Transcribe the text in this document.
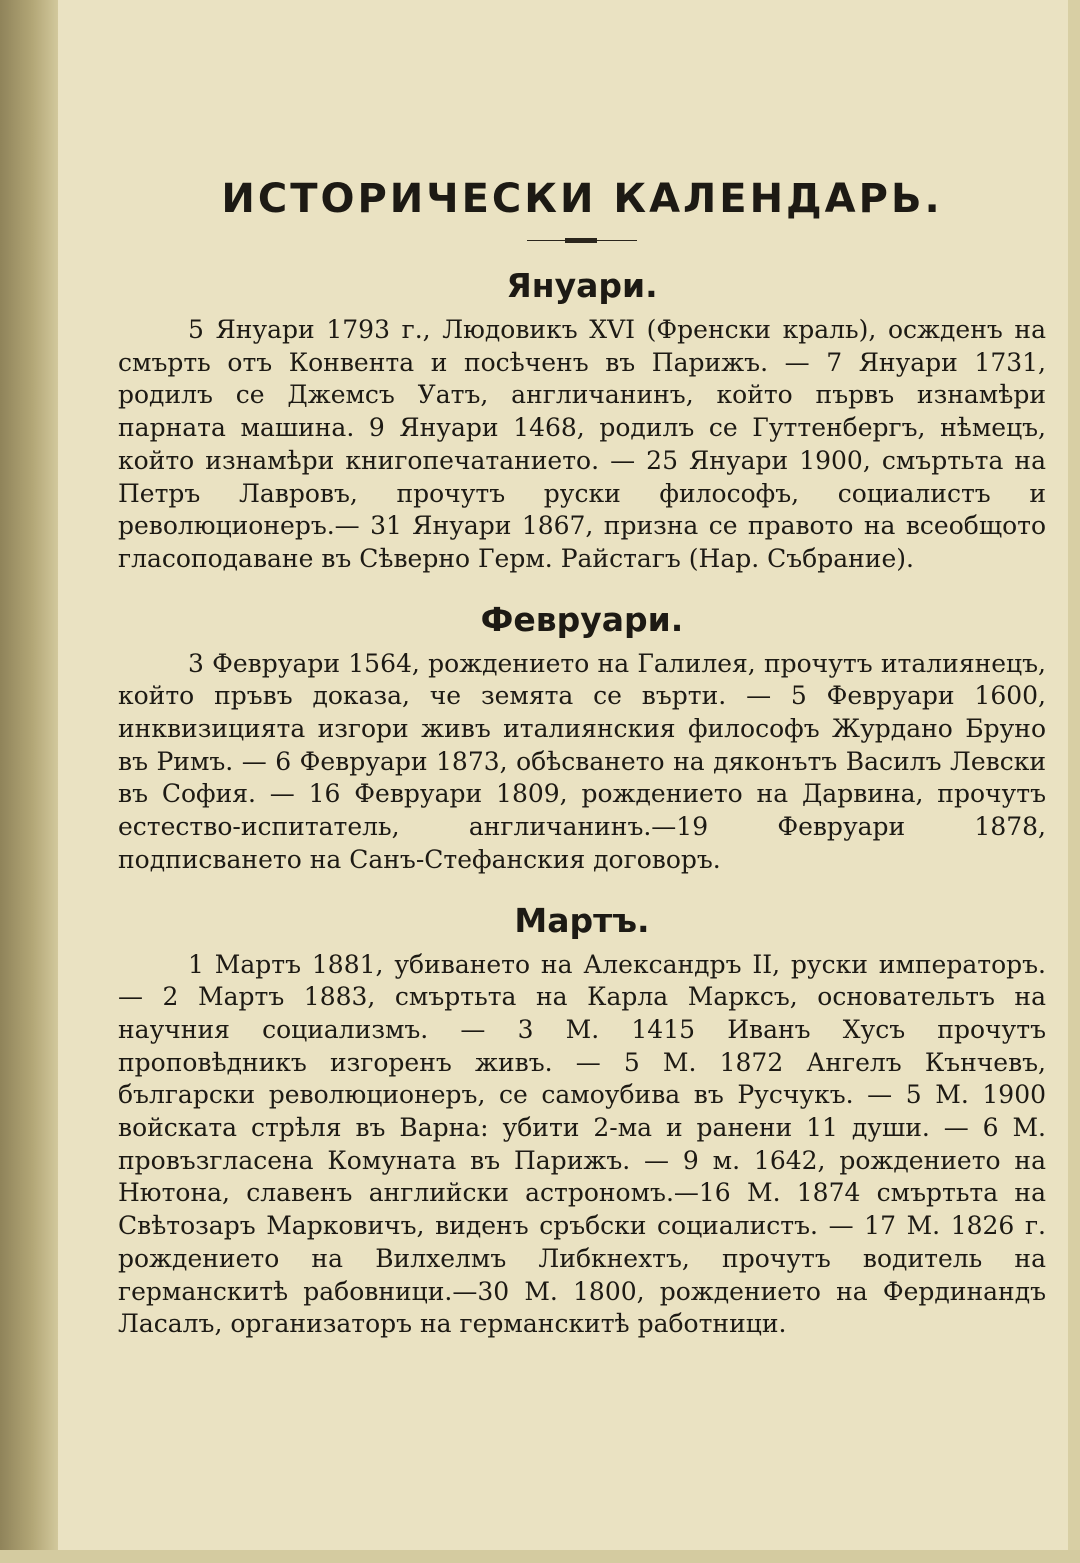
ИСТОРИЧЕСКИ КАЛЕНДАРЬ.
Януари.

5 Януари 1793 г., Людовикъ XVI (Френски краль), осжденъ на смърть отъ Конвента и посѣченъ въ Парижъ. — 7 Януари 1731, родилъ се Джемсъ Уатъ, англичанинъ, който първъ изнамѣри парната машина. 9 Януари 1468, родилъ се Гуттенбергъ, нѣмецъ, който изнамѣри книгопечатанието. — 25 Януари 1900, смъртьта на Петръ Лавровъ, прочутъ руски философъ, социалистъ и революционеръ.— 31 Януари 1867, признa се правото на всеобщото гласоподаване въ Сѣверно Герм. Райстагъ (Нар. Събрание).

Февруари.

3 Февруари 1564, рождението на Галилея, прочутъ италиянецъ, който пръвъ доказа, че земята се върти. — 5 Февруари 1600, инквизицията изгори живъ италиянския философъ Журдано Бруно въ Римъ. — 6 Февруари 1873, обѣсването на дяконътъ Василъ Левски въ София. — 16 Февруари 1809, рождението на Дарвина, прочутъ естество-испитатель, англичанинъ.—19 Февруари 1878, подписването на Санъ-Стефанския договоръ.

Мартъ.

1 Мартъ 1881, убиването на Александръ II, руски императоръ. — 2 Мартъ 1883, смъртьта на Карла Марксъ, основательтъ на научния социализмъ. — 3 М. 1415 Иванъ Хусъ прочутъ проповѣдникъ изгоренъ живъ. — 5 М. 1872 Ангелъ Кънчевъ, български революционеръ, се самоубива въ Русчукъ. — 5 М. 1900 войската стрѣля въ Варна: убити 2-ма и ранени 11 души. — 6 М. провъзгласена Комуната въ Парижъ. — 9 м. 1642, рождението на Нютона, славенъ английски астрономъ.—16 М. 1874 смъртьта на Свѣтозаръ Марковичъ, виденъ сръбски социалистъ. — 17 М. 1826 г. рождението на Вилхелмъ Либкнехтъ, прочутъ водитель на германскитѣ рабовници.—30 М. 1800, рождението на Фердинандъ Ласалъ, организаторъ на германскитѣ работници.
